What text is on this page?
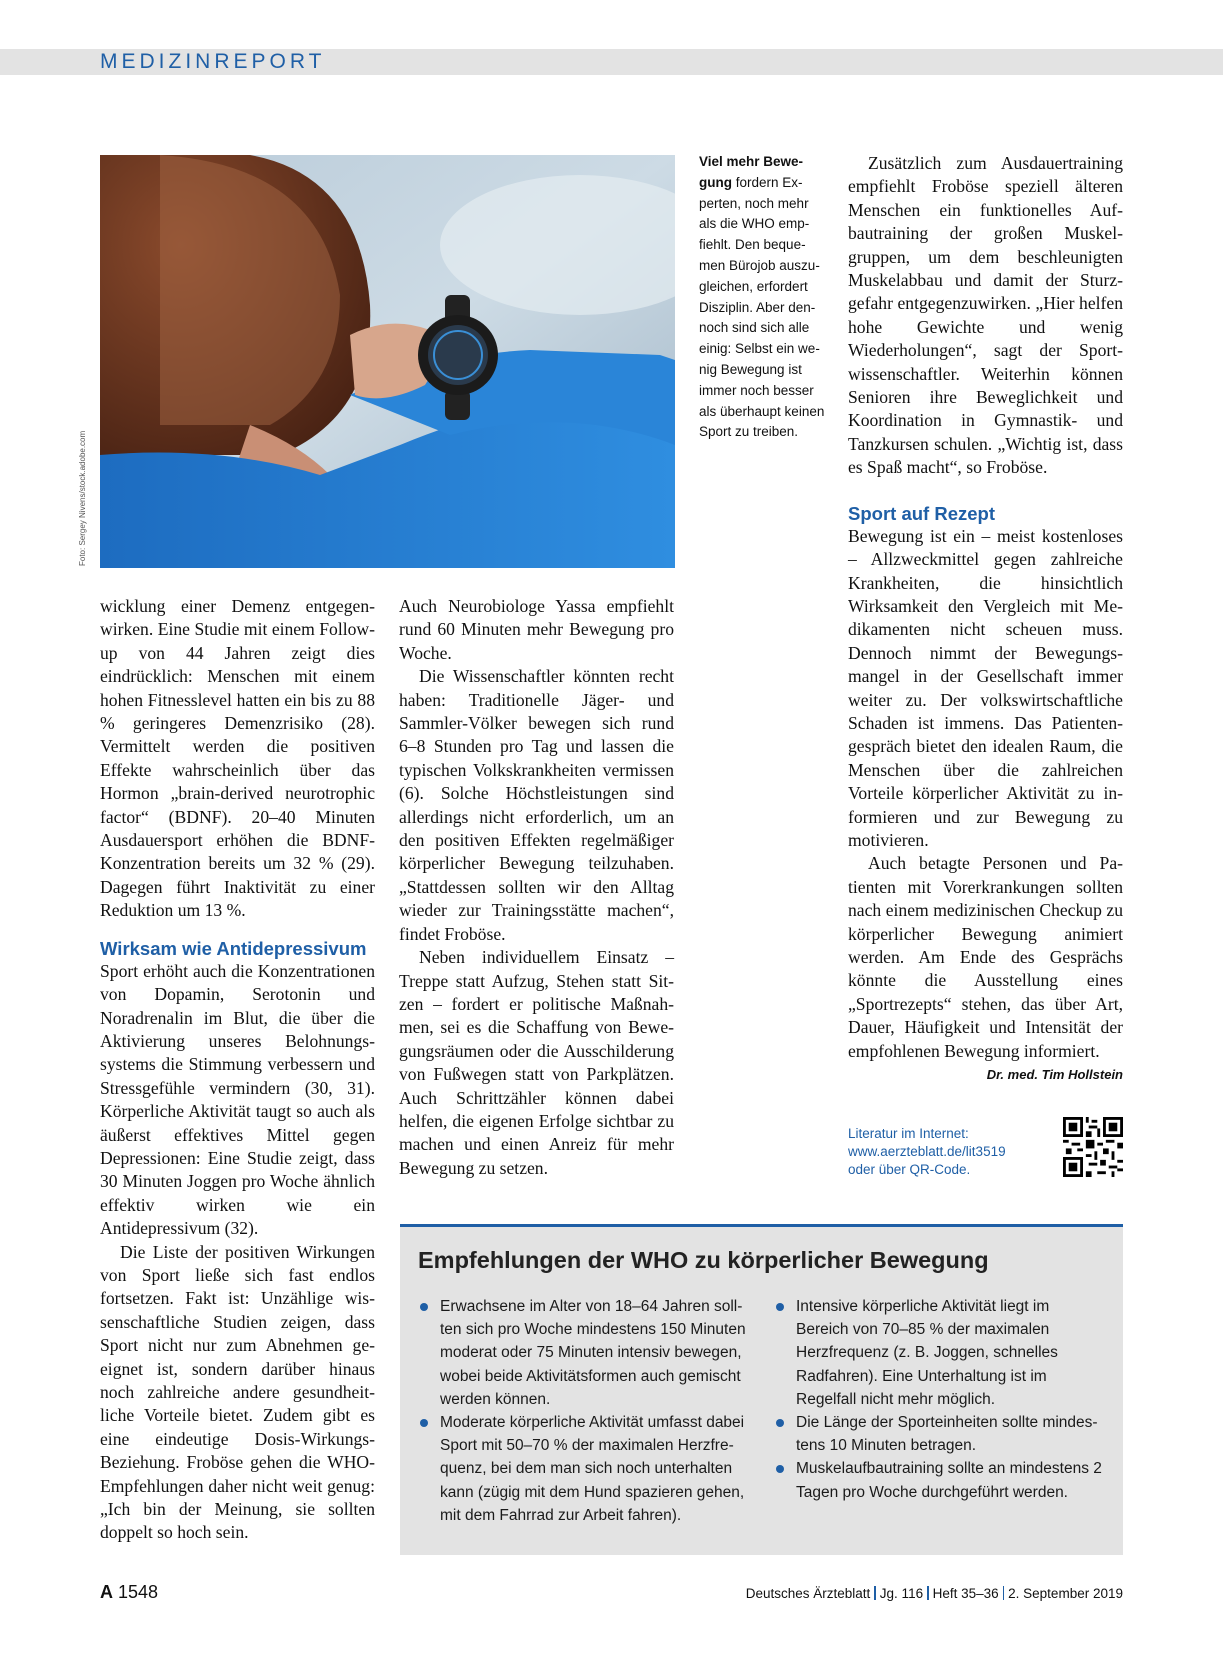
MEDIZINREPORT
Foto: Sergey Nivens/stock.adobe.com
Viel mehr Bewe- gung fordern Ex- perten, noch mehr als die WHO emp- fiehlt. Den beque- men Bürojob auszu- gleichen, erfordert Disziplin. Aber den- noch sind sich alle einig: Selbst ein we- nig Bewegung ist immer noch besser als überhaupt keinen Sport zu treiben.

wicklung einer Demenz entgegenwirken. Eine Studie mit einem Follow-up von 44 Jahren zeigt dies eindrücklich: Menschen mit einem hohen Fitnesslevel hatten ein bis zu 88 % geringeres Demenzrisiko (28). Vermittelt werden die positiven Effekte wahrscheinlich über das Hormon „brain-derived neurotrophic factor“ (BDNF). 20–40 Minuten Ausdauersport erhöhen die BDNF-Konzentration bereits um 32 % (29). Dagegen führt Inaktivität zu einer Reduktion um 13 %.

Wirksam wie Antidepressivum

Sport erhöht auch die Konzentrationen von Dopamin, Serotonin und Noradrenalin im Blut, die über die Aktivierung unseres Belohnungssystems die Stimmung verbessern und Stressgefühle vermindern (30, 31). Körperliche Aktivität taugt so auch als äußerst effektives Mittel gegen Depressionen: Eine Studie zeigt, dass 30 Minuten Joggen pro Woche ähnlich effektiv wirken wie ein Antidepressivum (32).

Die Liste der positiven Wirkungen von Sport ließe sich fast endlos fortsetzen. Fakt ist: Unzählige wissenschaftliche Studien zeigen, dass Sport nicht nur zum Abnehmen geeignet ist, sondern darüber hinaus noch zahlreiche andere gesundheitliche Vorteile bietet. Zudem gibt es eine eindeutige Dosis-Wirkungs-Beziehung. Froböse gehen die WHO-Empfehlungen daher nicht weit genug: „Ich bin der Meinung, sie sollten doppelt so hoch sein.

Auch Neurobiologe Yassa empfiehlt rund 60 Minuten mehr Bewegung pro Woche.

Die Wissenschaftler könnten recht haben: Traditionelle Jäger- und Sammler-Völker bewegen sich rund 6–8 Stunden pro Tag und lassen die typischen Volkskrankheiten vermissen (6). Solche Höchstleistungen sind allerdings nicht erforderlich, um an den positiven Effekten regelmäßiger körperlicher Bewegung teilzuhaben. „Stattdessen sollten wir den Alltag wieder zur Trainingsstätte machen“, findet Froböse.

Neben individuellem Einsatz – Treppe statt Aufzug, Stehen statt Sitzen – fordert er politische Maßnahmen, sei es die Schaffung von Bewegungsräumen oder die Ausschilderung von Fußwegen statt von Parkplätzen. Auch Schrittzähler können dabei helfen, die eigenen Erfolge sichtbar zu machen und einen Anreiz für mehr Bewegung zu setzen.

Zusätzlich zum Ausdauertraining empfiehlt Froböse speziell älteren Menschen ein funktionelles Aufbautraining der großen Muskelgruppen, um dem beschleunigten Muskelabbau und damit der Sturzgefahr entgegenzuwirken. „Hier helfen hohe Gewichte und wenig Wiederholungen“, sagt der Sportwissenschaftler. Weiterhin können Senioren ihre Beweglichkeit und Koordination in Gymnastik- und Tanzkursen schulen. „Wichtig ist, dass es Spaß macht“, so Froböse.

Sport auf Rezept

Bewegung ist ein – meist kostenloses – Allzweckmittel gegen zahlreiche Krankheiten, die hinsichtlich Wirksamkeit den Vergleich mit Medikamenten nicht scheuen muss. Dennoch nimmt der Bewegungsmangel in der Gesellschaft immer weiter zu. Der volkswirtschaftliche Schaden ist immens. Das Patientengespräch bietet den idealen Raum, die Menschen über die zahlreichen Vorteile körperlicher Aktivität zu informieren und zur Bewegung zu motivieren.

Auch betagte Personen und Patienten mit Vorerkrankungen sollten nach einem medizinischen Checkup zu körperlicher Bewegung animiert werden. Am Ende des Gesprächs könnte die Ausstellung eines „Sportrezepts“ stehen, das über Art, Dauer, Häufigkeit und Intensität der empfohlenen Bewegung informiert.
Dr. med. Tim Hollstein

Literatur im Internet:
www.aerzteblatt.de/lit3519
oder über QR-Code.
Empfehlungen der WHO zu körperlicher Bewegung
Erwachsene im Alter von 18–64 Jahren sollten sich pro Woche mindestens 150 Minuten moderat oder 75 Minuten intensiv bewegen, wobei beide Aktivitätsformen auch gemischt werden können.
Moderate körperliche Aktivität umfasst dabei Sport mit 50–70 % der maximalen Herzfrequenz, bei dem man sich noch unterhalten kann (zügig mit dem Hund spazieren gehen, mit dem Fahrrad zur Arbeit fahren).
Intensive körperliche Aktivität liegt im Bereich von 70–85 % der maximalen Herzfrequenz (z. B. Joggen, schnelles Radfahren). Eine Unterhaltung ist im Regelfall nicht mehr möglich.
Die Länge der Sporteinheiten sollte mindestens 10 Minuten betragen.
Muskelaufbautraining sollte an mindestens 2 Tagen pro Woche durchgeführt werden.
A 1548	Deutsches Ärzteblatt Jg. 116 Heft 35–36 2. September 2019
